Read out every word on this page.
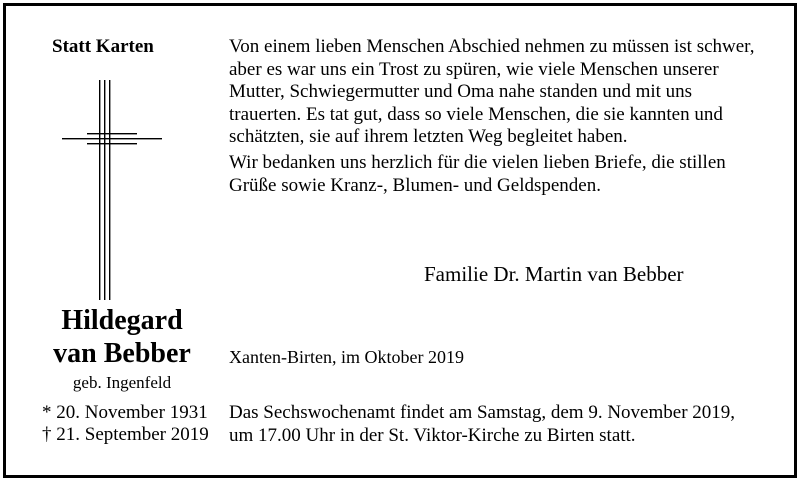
Statt Karten
Hildegard
van Bebber
geb. Ingenfeld
* 20. November 1931
† 21. September 2019
Von einem lieben Menschen Abschied nehmen zu müssen ist schwer,
aber es war uns ein Trost zu spüren, wie viele Menschen unserer
Mutter, Schwiegermutter und Oma nahe standen und mit uns
trauerten. Es tat gut, dass so viele Menschen, die sie kannten und
schätzten, sie auf ihrem letzten Weg begleitet haben.
Wir bedanken uns herzlich für die vielen lieben Briefe, die stillen
Grüße sowie Kranz-, Blumen- und Geldspenden.
Familie Dr. Martin van Bebber
Xanten-Birten, im Oktober 2019
Das Sechswochenamt findet am Samstag, dem 9. November 2019,
um 17.00 Uhr in der St. Viktor-Kirche zu Birten statt.
